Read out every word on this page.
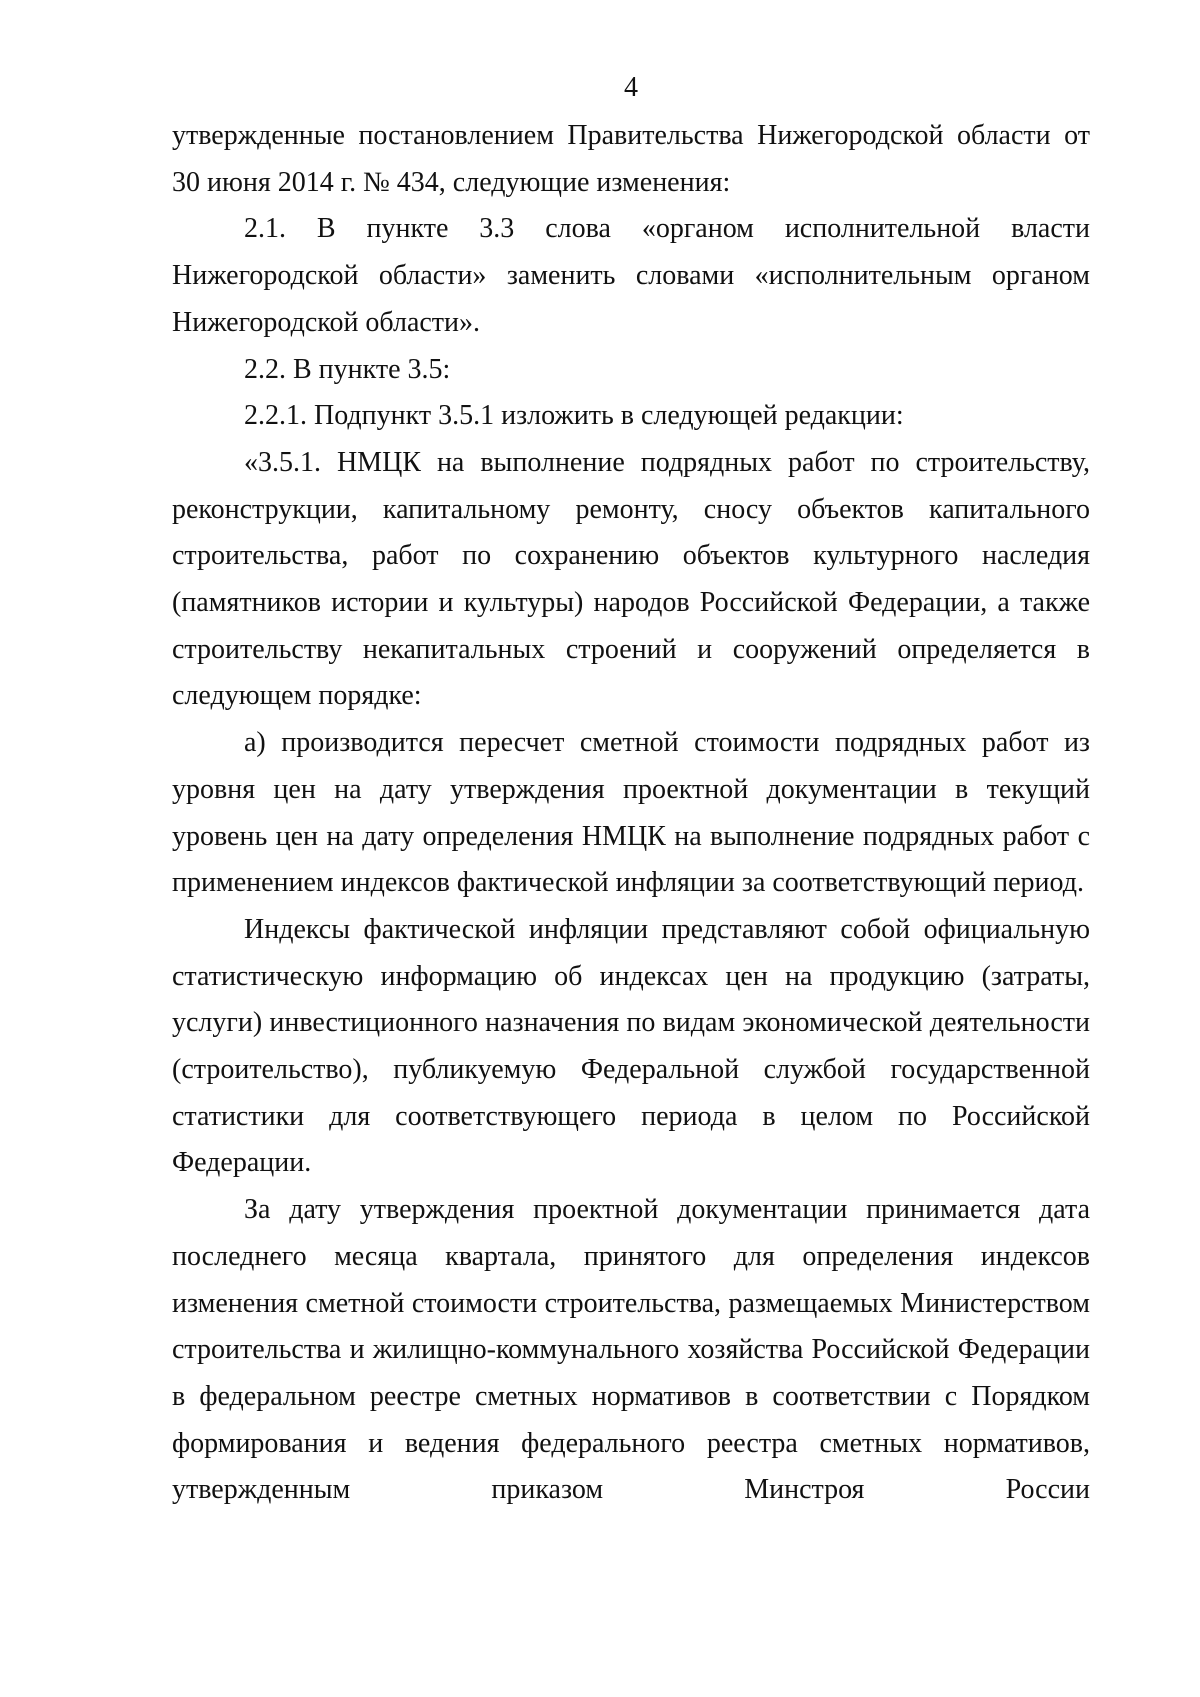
4

утвержденные постановлением Правительства Нижегородской области от 30 июня 2014 г. № 434, следующие изменения:

2.1. В пункте 3.3 слова «органом исполнительной власти Нижегородской области» заменить словами «исполнительным органом Нижегородской области».

2.2. В пункте 3.5:

2.2.1. Подпункт 3.5.1 изложить в следующей редакции:

«3.5.1. НМЦК на выполнение подрядных работ по строительству, реконструкции, капитальному ремонту, сносу объектов капитального строительства, работ по сохранению объектов культурного наследия (памятников истории и культуры) народов Российской Федерации, а также строительству некапитальных строений и сооружений определяется в следующем порядке:

а) производится пересчет сметной стоимости подрядных работ из уровня цен на дату утверждения проектной документации в текущий уровень цен на дату определения НМЦК на выполнение подрядных работ с применением индексов фактической инфляции за соответствующий период.

Индексы фактической инфляции представляют собой официальную статистическую информацию об индексах цен на продукцию (затраты, услуги) инвестиционного назначения по видам экономической деятельности (строительство), публикуемую Федеральной службой государственной статистики для соответствующего периода в целом по Российской Федерации.

За дату утверждения проектной документации принимается дата последнего месяца квартала, принятого для определения индексов изменения сметной стоимости строительства, размещаемых Министерством строительства и жилищно-коммунального хозяйства Российской Федерации в федеральном реестре сметных нормативов в соответствии с Порядком формирования и ведения федерального реестра сметных нормативов, утвержденным приказом Минстроя России
